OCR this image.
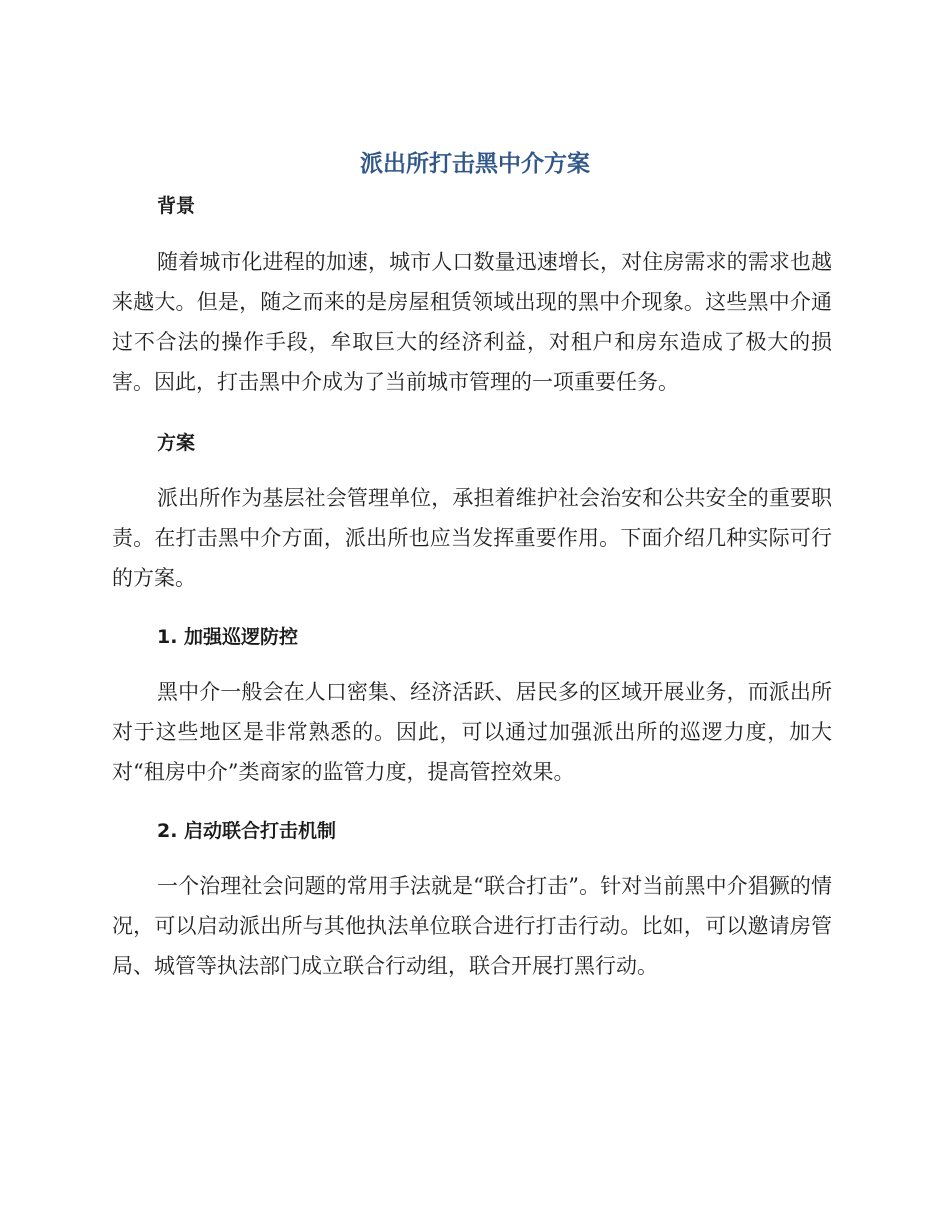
派出所打击黑中介方案
背景
随着城市化进程的加速，城市人口数量迅速增长，对住房需求的需求也越来越大。但是，随之而来的是房屋租赁领域出现的黑中介现象。这些黑中介通过不合法的操作手段，牟取巨大的经济利益，对租户和房东造成了极大的损害。因此，打击黑中介成为了当前城市管理的一项重要任务。
方案
派出所作为基层社会管理单位，承担着维护社会治安和公共安全的重要职责。在打击黑中介方面，派出所也应当发挥重要作用。下面介绍几种实际可行的方案。
1. 加强巡逻防控
黑中介一般会在人口密集、经济活跃、居民多的区域开展业务，而派出所对于这些地区是非常熟悉的。因此，可以通过加强派出所的巡逻力度，加大对“租房中介”类商家的监管力度，提高管控效果。
2. 启动联合打击机制
一个治理社会问题的常用手法就是“联合打击”。针对当前黑中介猖獗的情况，可以启动派出所与其他执法单位联合进行打击行动。比如，可以邀请房管局、城管等执法部门成立联合行动组，联合开展打黑行动。
